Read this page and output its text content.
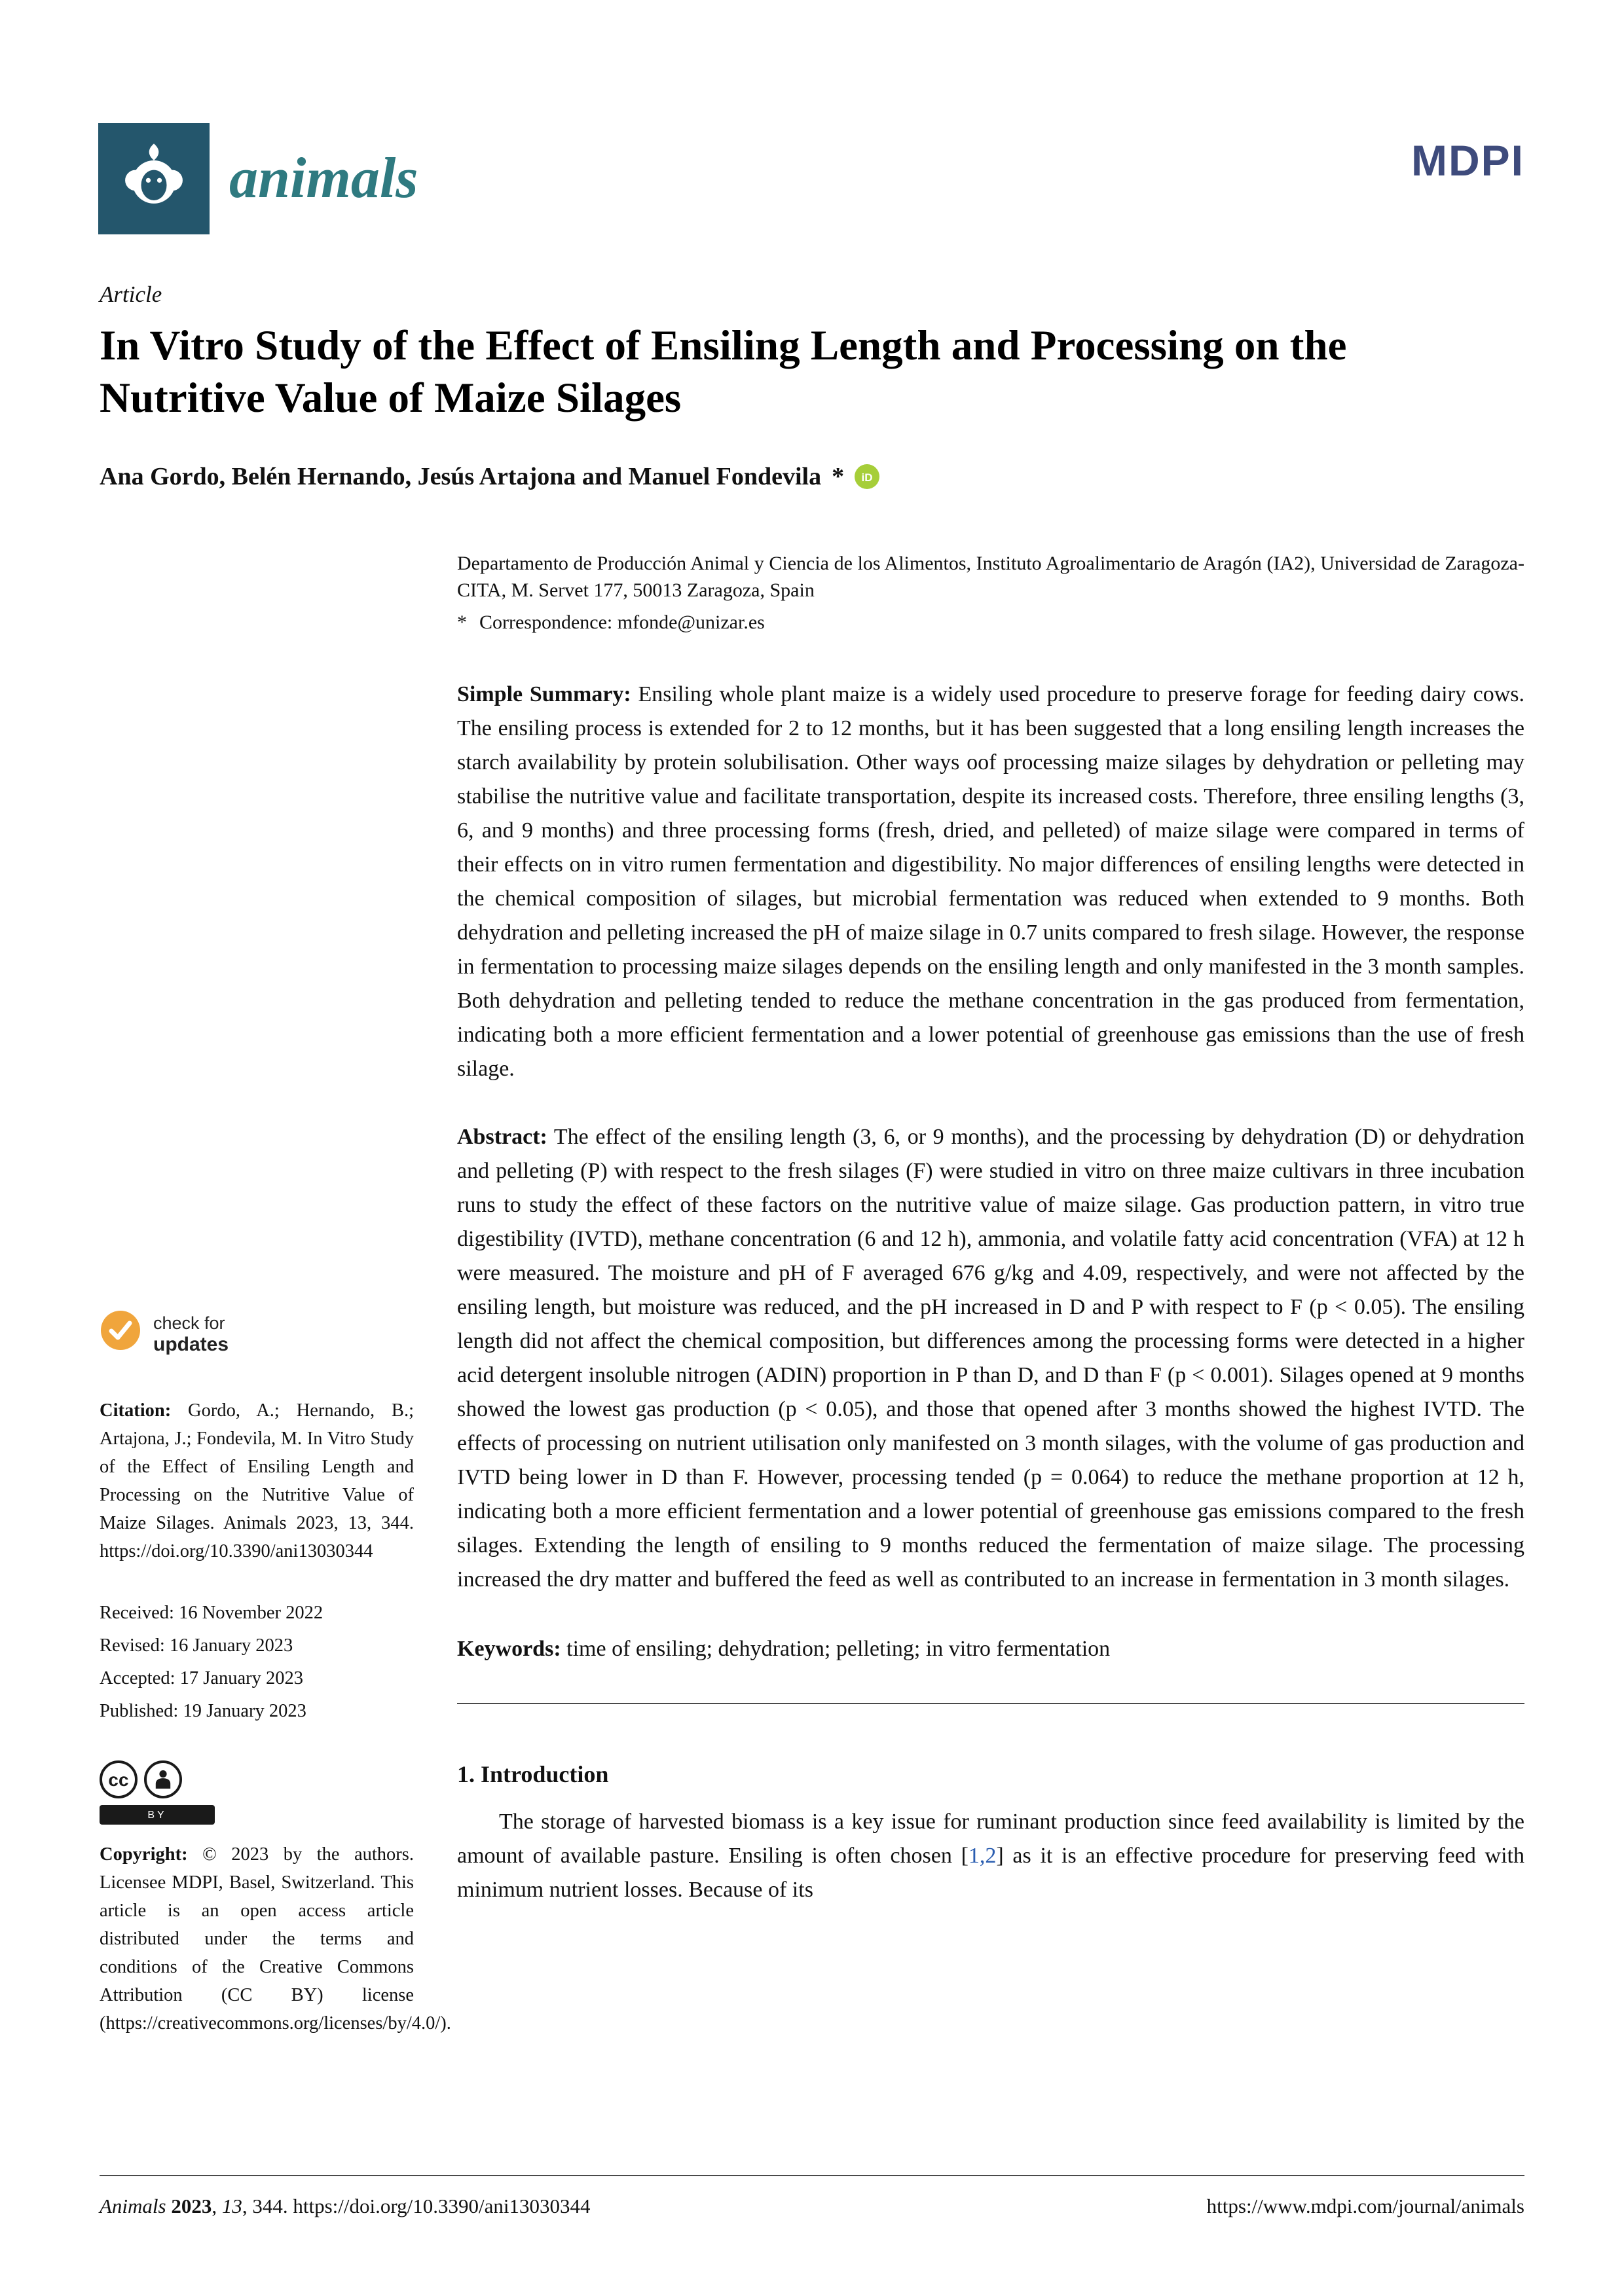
animals	MDPI
Article
In Vitro Study of the Effect of Ensiling Length and Processing on the Nutritive Value of Maize Silages
Ana Gordo, Belén Hernando, Jesús Artajona and Manuel Fondevila * iD
Departamento de Producción Animal y Ciencia de los Alimentos, Instituto Agroalimentario de Aragón (IA2), Universidad de Zaragoza-CITA, M. Servet 177, 50013 Zaragoza, Spain
* Correspondence: mfonde@unizar.es

Simple Summary: Ensiling whole plant maize is a widely used procedure to preserve forage for feeding dairy cows. The ensiling process is extended for 2 to 12 months, but it has been suggested that a long ensiling length increases the starch availability by protein solubilisation. Other ways oof processing maize silages by dehydration or pelleting may stabilise the nutritive value and facilitate transportation, despite its increased costs. Therefore, three ensiling lengths (3, 6, and 9 months) and three processing forms (fresh, dried, and pelleted) of maize silage were compared in terms of their effects on in vitro rumen fermentation and digestibility. No major differences of ensiling lengths were detected in the chemical composition of silages, but microbial fermentation was reduced when extended to 9 months. Both dehydration and pelleting increased the pH of maize silage in 0.7 units compared to fresh silage. However, the response in fermentation to processing maize silages depends on the ensiling length and only manifested in the 3 month samples. Both dehydration and pelleting tended to reduce the methane concentration in the gas produced from fermentation, indicating both a more efficient fermentation and a lower potential of greenhouse gas emissions than the use of fresh silage.

Abstract: The effect of the ensiling length (3, 6, or 9 months), and the processing by dehydration (D) or dehydration and pelleting (P) with respect to the fresh silages (F) were studied in vitro on three maize cultivars in three incubation runs to study the effect of these factors on the nutritive value of maize silage. Gas production pattern, in vitro true digestibility (IVTD), methane concentration (6 and 12 h), ammonia, and volatile fatty acid concentration (VFA) at 12 h were measured. The moisture and pH of F averaged 676 g/kg and 4.09, respectively, and were not affected by the ensiling length, but moisture was reduced, and the pH increased in D and P with respect to F (p < 0.05). The ensiling length did not affect the chemical composition, but differences among the processing forms were detected in a higher acid detergent insoluble nitrogen (ADIN) proportion in P than D, and D than F (p < 0.001). Silages opened at 9 months showed the lowest gas production (p < 0.05), and those that opened after 3 months showed the highest IVTD. The effects of processing on nutrient utilisation only manifested on 3 month silages, with the volume of gas production and IVTD being lower in D than F. However, processing tended (p = 0.064) to reduce the methane proportion at 12 h, indicating both a more efficient fermentation and a lower potential of greenhouse gas emissions compared to the fresh silages. Extending the length of ensiling to 9 months reduced the fermentation of maize silage. The processing increased the dry matter and buffered the feed as well as contributed to an increase in fermentation in 3 month silages.

Keywords: time of ensiling; dehydration; pelleting; in vitro fermentation

1. Introduction

The storage of harvested biomass is a key issue for ruminant production since feed availability is limited by the amount of available pasture. Ensiling is often chosen [1,2] as it is an effective procedure for preserving feed with minimum nutrient losses. Because of its

check for
updates
Citation: Gordo, A.; Hernando, B.; Artajona, J.; Fondevila, M. In Vitro Study of the Effect of Ensiling Length and Processing on the Nutritive Value of Maize Silages. Animals 2023, 13, 344. https://doi.org/10.3390/ani13030344
Received: 16 November 2022
Revised: 16 January 2023
Accepted: 17 January 2023
Published: 19 January 2023
cc
BY
Copyright: © 2023 by the authors. Licensee MDPI, Basel, Switzerland. This article is an open access article distributed under the terms and conditions of the Creative Commons Attribution (CC BY) license (https://creativecommons.org/licenses/by/4.0/).
Animals 2023, 13, 344. https://doi.org/10.3390/ani13030344	https://www.mdpi.com/journal/animals
